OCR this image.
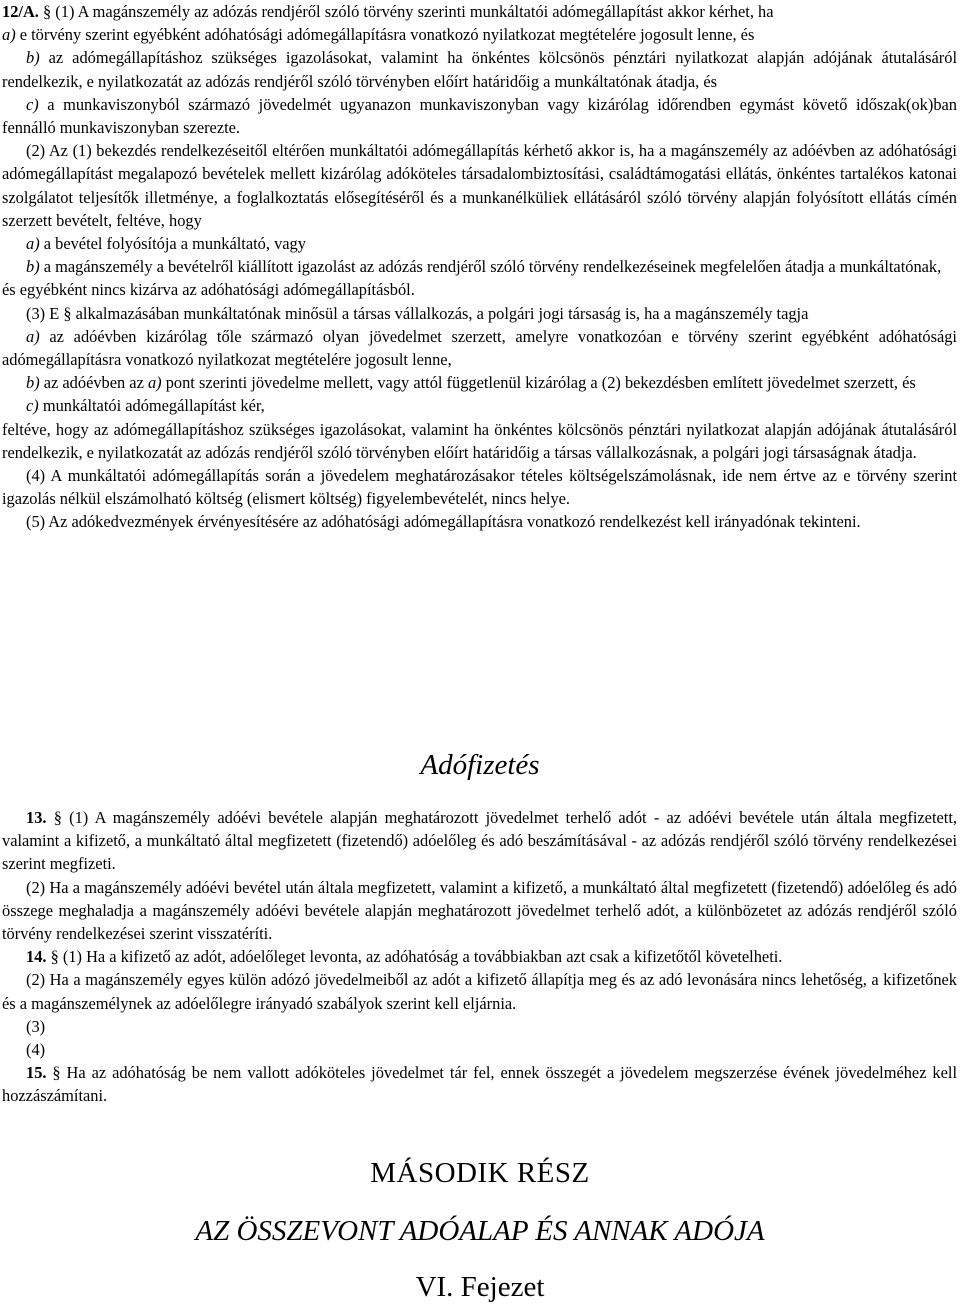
12/A. § (1) A magánszemély az adózás rendjéről szóló törvény szerinti munkáltatói adómegállapítást akkor kérhet, ha

a) e törvény szerint egyébként adóhatósági adómegállapításra vonatkozó nyilatkozat megtételére jogosult lenne, és

b) az adómegállapításhoz szükséges igazolásokat, valamint ha önkéntes kölcsönös pénztári nyilatkozat alapján adójának átutalásáról rendelkezik, e nyilatkozatát az adózás rendjéről szóló törvényben előírt határidőig a munkáltatónak átadja, és

c) a munkaviszonyból származó jövedelmét ugyanazon munkaviszonyban vagy kizárólag időrendben egymást követő időszak(ok)ban fennálló munkaviszonyban szerezte.

(2) Az (1) bekezdés rendelkezéseitől eltérően munkáltatói adómegállapítás kérhető akkor is, ha a magánszemély az adóévben az adóhatósági adómegállapítást megalapozó bevételek mellett kizárólag adóköteles társadalombiztosítási, családtámogatási ellátás, önkéntes tartalékos katonai szolgálatot teljesítők illetménye, a foglalkoztatás elősegítéséről és a munkanélküliek ellátásáról szóló törvény alapján folyósított ellátás címén szerzett bevételt, feltéve, hogy

a) a bevétel folyósítója a munkáltató, vagy

b) a magánszemély a bevételről kiállított igazolást az adózás rendjéről szóló törvény rendelkezéseinek megfelelően átadja a munkáltatónak,

és egyébként nincs kizárva az adóhatósági adómegállapításból.

(3) E § alkalmazásában munkáltatónak minősül a társas vállalkozás, a polgári jogi társaság is, ha a magánszemély tagja

a) az adóévben kizárólag tőle származó olyan jövedelmet szerzett, amelyre vonatkozóan e törvény szerint egyébként adóhatósági adómegállapításra vonatkozó nyilatkozat megtételére jogosult lenne,

b) az adóévben az a) pont szerinti jövedelme mellett, vagy attól függetlenül kizárólag a (2) bekezdésben említett jövedelmet szerzett, és

c) munkáltatói adómegállapítást kér,

feltéve, hogy az adómegállapításhoz szükséges igazolásokat, valamint ha önkéntes kölcsönös pénztári nyilatkozat alapján adójának átutalásáról rendelkezik, e nyilatkozatát az adózás rendjéről szóló törvényben előírt határidőig a társas vállalkozásnak, a polgári jogi társaságnak átadja.

(4) A munkáltatói adómegállapítás során a jövedelem meghatározásakor tételes költségelszámolásnak, ide nem értve az e törvény szerint igazolás nélkül elszámolható költség (elismert költség) figyelembevételét, nincs helye.

(5) Az adókedvezmények érvényesítésére az adóhatósági adómegállapításra vonatkozó rendelkezést kell irányadónak tekinteni.

Adófizetés

13. § (1) A magánszemély adóévi bevétele alapján meghatározott jövedelmet terhelő adót - az adóévi bevétele után általa megfizetett, valamint a kifizető, a munkáltató által megfizetett (fizetendő) adóelőleg és adó beszámításával - az adózás rendjéről szóló törvény rendelkezései szerint megfizeti.

(2) Ha a magánszemély adóévi bevétel után általa megfizetett, valamint a kifizető, a munkáltató által megfizetett (fizetendő) adóelőleg és adó összege meghaladja a magánszemély adóévi bevétele alapján meghatározott jövedelmet terhelő adót, a különbözetet az adózás rendjéről szóló törvény rendelkezései szerint visszatéríti.

14. § (1) Ha a kifizető az adót, adóelőleget levonta, az adóhatóság a továbbiakban azt csak a kifizetőtől követelheti.

(2) Ha a magánszemély egyes külön adózó jövedelmeiből az adót a kifizető állapítja meg és az adó levonására nincs lehetőség, a kifizetőnek és a magánszemélynek az adóelőlegre irányadó szabályok szerint kell eljárnia.

(3)

(4)

15. § Ha az adóhatóság be nem vallott adóköteles jövedelmet tár fel, ennek összegét a jövedelem megszerzése évének jövedelméhez kell hozzászámítani.

MÁSODIK RÉSZ
AZ ÖSSZEVONT ADÓALAP ÉS ANNAK ADÓJA
VI. Fejezet
